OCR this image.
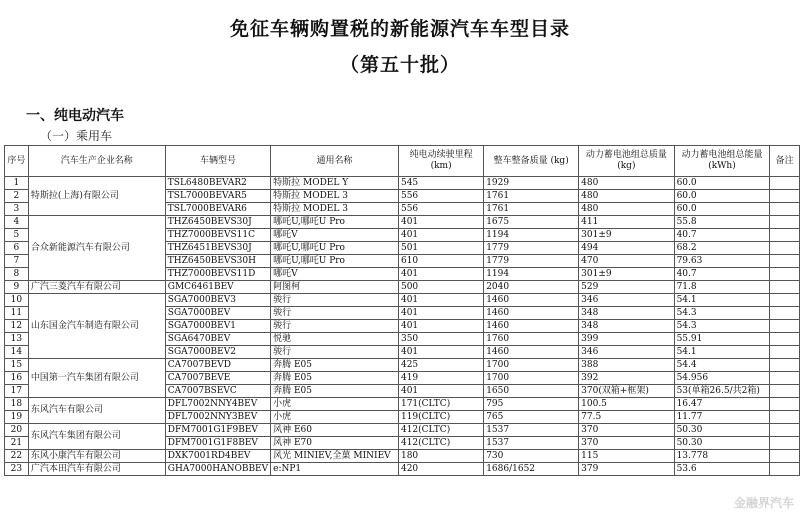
免征车辆购置税的新能源汽车车型目录
（第五十批）
一、纯电动汽车
（一）乘用车
序号	汽车生产企业名称	车辆型号	通用名称	纯电动续驶里程 (km)	整车整备质量 (kg)	动力蓄电池组总质量 (kg)	动力蓄电池组总能量 (kWh)	备注
1	特斯拉(上海)有限公司	TSL6480BEVAR2	特斯拉 MODEL Y	545	1929	480	60.0	
2		TSL7000BEVAR5	特斯拉 MODEL 3	556	1761	480	60.0	
3		TSL7000BEVAR6	特斯拉 MODEL 3	556	1761	480	60.0	
4	合众新能源汽车有限公司	THZ6450BEVS30J	哪吒U,哪吒U Pro	401	1675	411	55.8	
5		THZ7000BEVS11C	哪吒V	401	1194	301±9	40.7	
6		THZ6451BEVS30J	哪吒U,哪吒U Pro	501	1779	494	68.2	
7		THZ6450BEVS30H	哪吒U,哪吒U Pro	610	1779	470	79.63	
8		THZ7000BEVS11D	哪吒V	401	1194	301±9	40.7	
9	广汽三菱汽车有限公司	GMC6461BEV	阿图柯	500	2040	529	71.8	
10	山东国金汽车制造有限公司	SGA7000BEV3	骏行	401	1460	346	54.1	
11		SGA7000BEV	骏行	401	1460	348	54.3	
12		SGA7000BEV1	骏行	401	1460	348	54.3	
13		SGA6470BEV	悦驰	350	1760	399	55.91	
14		SGA7000BEV2	骏行	401	1460	346	54.1	
15	中国第一汽车集团有限公司	CA7007BEVD	奔腾 E05	425	1700	388	54.4	
16		CA7007BEVE	奔腾 E05	419	1700	392	54.956	
17		CA7007BSEVC	奔腾 E05	401	1650	370(双箱+框架)	53(单箱26.5/共2箱)	
18	东风汽车有限公司	DFL7002NNY4BEV	小虎	171(CLTC)	795	100.5	16.47	
19		DFL7002NNY3BEV	小虎	119(CLTC)	765	77.5	11.77	
20	东风汽车集团有限公司	DFM7001G1F9BEV	风神 E60	412(CLTC)	1537	370	50.30	
21		DFM7001G1F8BEV	风神 E70	412(CLTC)	1537	370	50.30	
22	东风小康汽车有限公司	DXK7001RD4BEV	风光 MINIEV,全菓 MINIEV	180	730	115	13.778	
23	广汽本田汽车有限公司	GHA7000HANOBBEV	e:NP1	420	1686/1652	379	53.6	
金融界汽车
